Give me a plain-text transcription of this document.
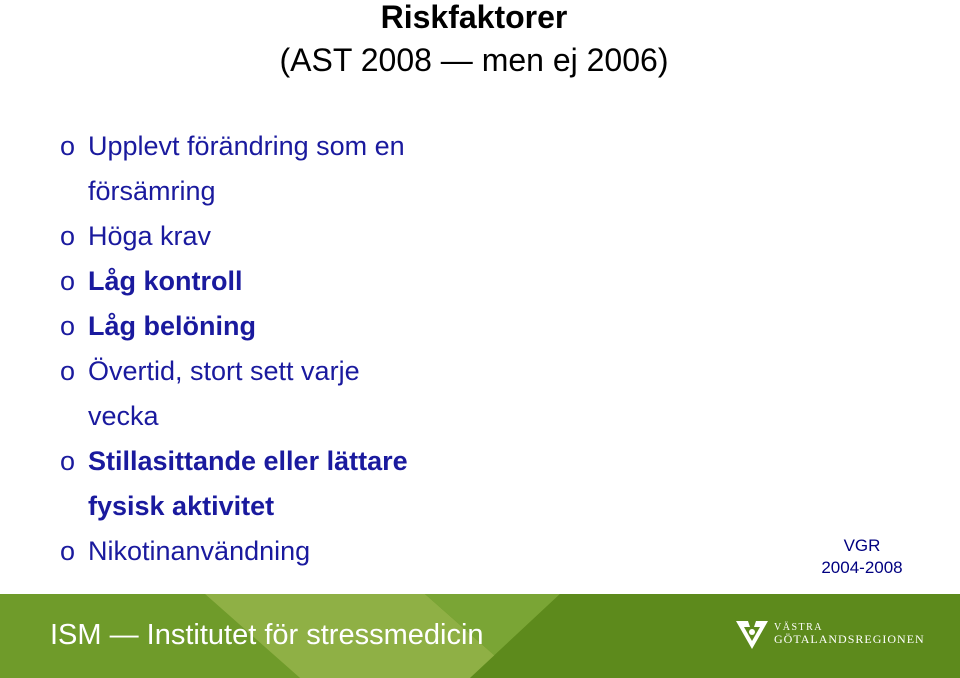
Riskfaktorer
(AST 2008 — men ej 2006)
o Upplevt förändring som en
försämring
o Höga krav
o Låg kontroll
o Låg belöning
o Övertid, stort sett varje
vecka
o Stillasittande eller lättare
fysisk aktivitet
o Nikotinanvändning	VGR
2004-2008
ISM — Institutet för stressmedicin	VÄSTRA
GÖTALANDSREGIONEN
